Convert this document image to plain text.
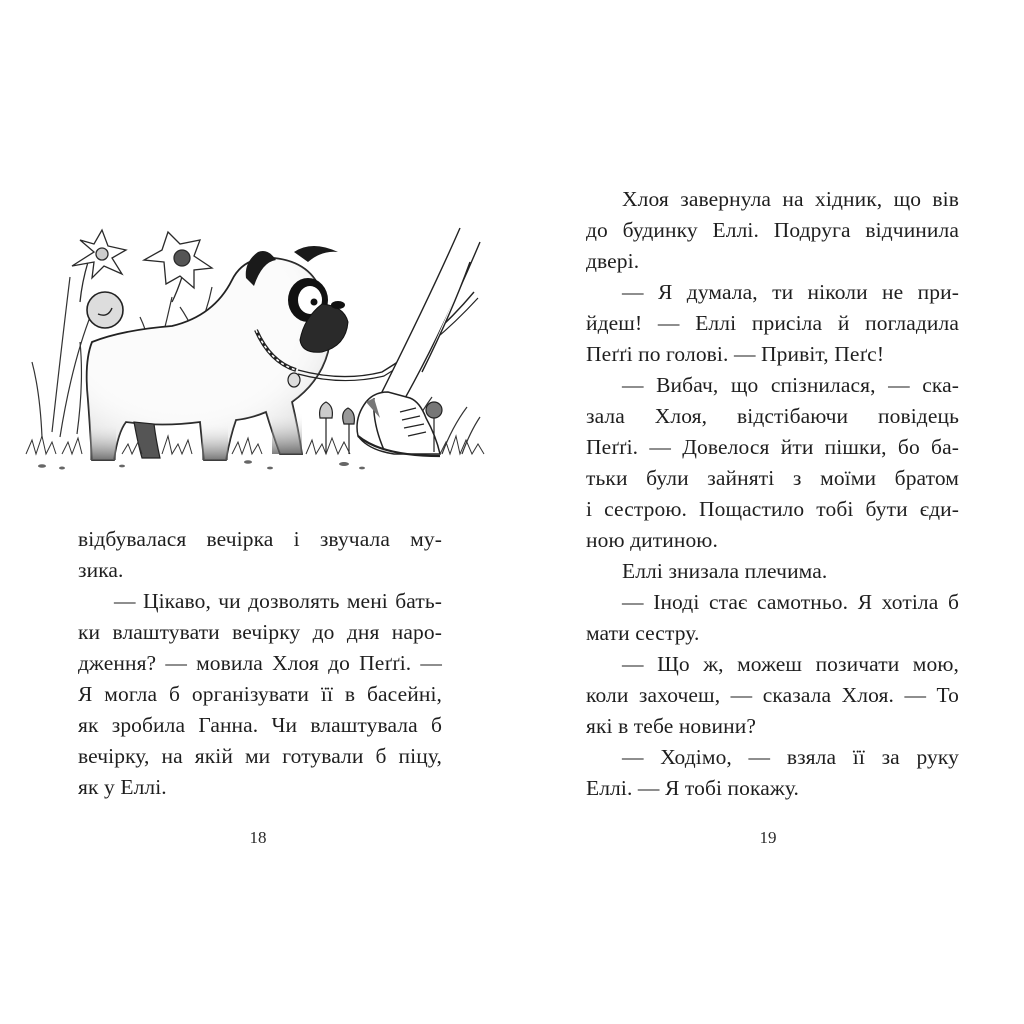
відбувалася вечірка і звучала му-
зика.
— Цікаво, чи дозволять мені бать-
ки влаштувати вечірку до дня наро-
дження? — мовила Хлоя до Пеґґі. —
Я могла б організувати її в басейні,
як зробила Ганна. Чи влаштувала б
вечірку, на якій ми готували б піцу,
як у Еллі.
18
Хлоя завернула на хідник, що вів
до будинку Еллі. Подруга відчинила
двері.
— Я думала, ти ніколи не при-
йдеш! — Еллі присіла й погладила
Пеґґі по голові. — Привіт, Пеґс!
— Вибач, що спізнилася, — ска-
зала Хлоя, відстібаючи повідець
Пеґґі. — Довелося йти пішки, бо ба-
тьки були зайняті з моїми братом
і сестрою. Пощастило тобі бути єди-
ною дитиною.
Еллі знизала плечима.
— Іноді стає самотньо. Я хотіла б
мати сестру.
— Що ж, можеш позичати мою,
коли захочеш, — сказала Хлоя. — То
які в тебе новини?
— Ходімо, — взяла її за руку
Еллі. — Я тобі покажу.
19
